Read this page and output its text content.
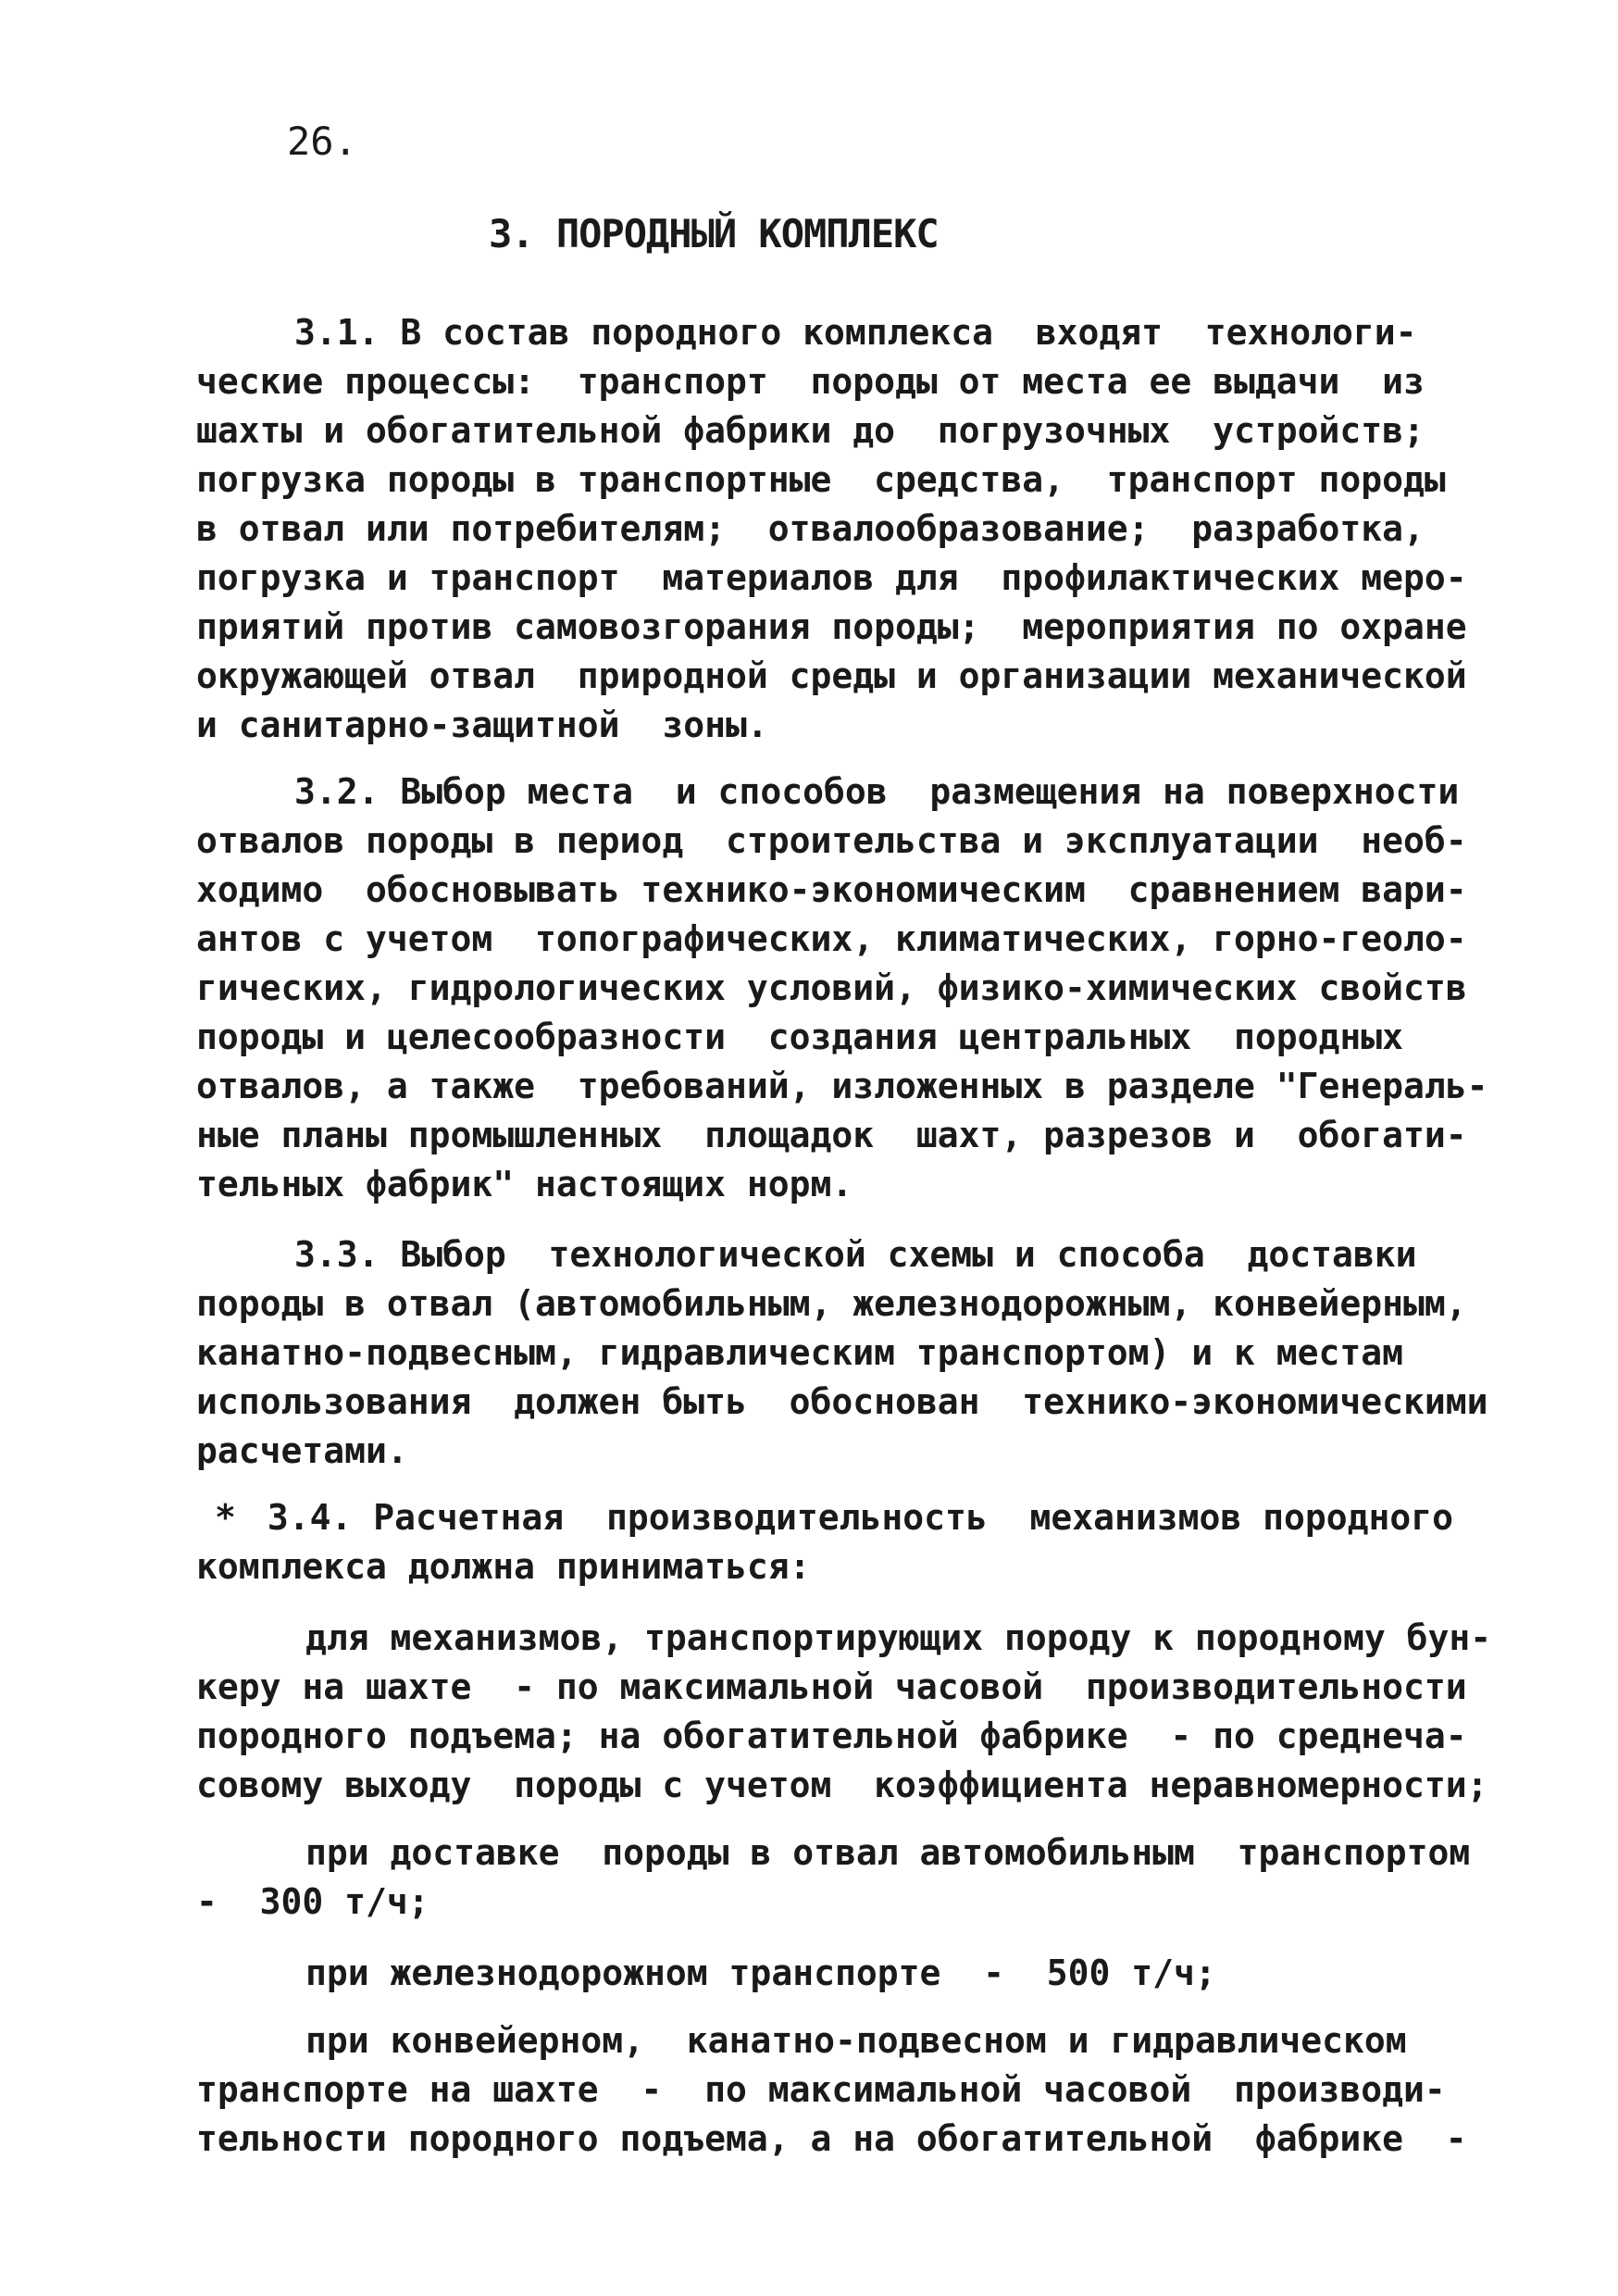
26.
3. ПОРОДНЫЙ КОМПЛЕКС
3.1. В состав породного комплекса  входят  технологи-
ческие процессы:  транспорт  породы от места ее выдачи  из
шахты и обогатительной фабрики до  погрузочных  устройств;
погрузка породы в транспортные  средства,  транспорт породы
в отвал или потребителям;  отвалообразование;  разработка,
погрузка и транспорт  материалов для  профилактических меро-
приятий против самовозгорания породы;  мероприятия по охране
окружающей отвал  природной среды и организации механической
и санитарно-защитной  зоны.
3.2. Выбор места  и способов  размещения на поверхности
отвалов породы в период  строительства и эксплуатации  необ-
ходимо  обосновывать технико-экономическим  сравнением вари-
антов с учетом  топографических, климатических, горно-геоло-
гических, гидрологических условий, физико-химических свойств
породы и целесообразности  создания центральных  породных
отвалов, а также  требований, изложенных в разделе "Генераль-
ные планы промышленных  площадок  шахт, разрезов и  обогати-
тельных фабрик" настоящих норм.
3.3. Выбор  технологической схемы и способа  доставки
породы в отвал (автомобильным, железнодорожным, конвейерным,
канатно-подвесным, гидравлическим транспортом) и к местам
использования  должен быть  обоснован  технико-экономическими
расчетами.
* 3.4. Расчетная  производительность  механизмов породного
комплекса должна приниматься:
для механизмов, транспортирующих породу к породному бун-
керу на шахте  - по максимальной часовой  производительности
породного подъема; на обогатительной фабрике  - по среднеча-
совому выходу  породы с учетом  коэффициента неравномерности;
при доставке  породы в отвал автомобильным  транспортом
-  300 т/ч;
при железнодорожном транспорте  -  500 т/ч;
при конвейерном,  канатно-подвесном и гидравлическом
транспорте на шахте  -  по максимальной часовой  производи-
тельности породного подъема, а на обогатительной  фабрике  -
